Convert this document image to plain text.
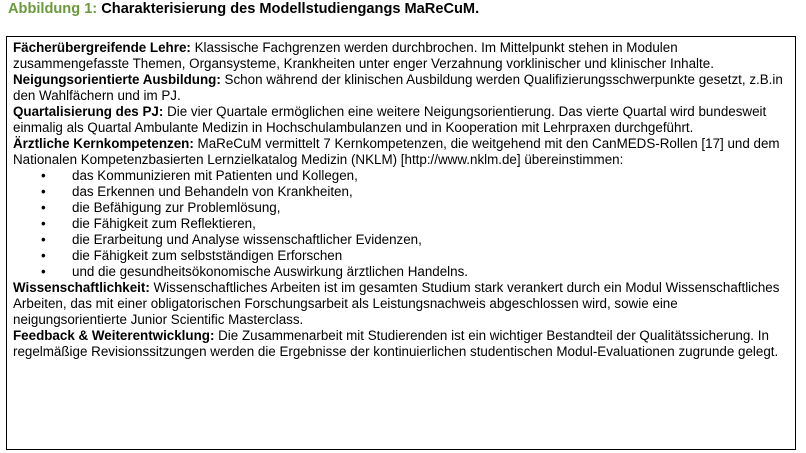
Abbildung 1: Charakterisierung des Modellstudiengangs MaReCuM.

Fächerübergreifende Lehre: Klassische Fachgrenzen werden durchbrochen. Im Mittelpunkt stehen in Modulen zusammengefasste Themen, Organsysteme, Krankheiten unter enger Verzahnung vorklinischer und klinischer Inhalte.

Neigungsorientierte Ausbildung: Schon während der klinischen Ausbildung werden Qualifizierungsschwerpunkte gesetzt, z.B.in den Wahlfächern und im PJ.

Quartalisierung des PJ: Die vier Quartale ermöglichen eine weitere Neigungsorientierung. Das vierte Quartal wird bundesweit einmalig als Quartal Ambulante Medizin in Hochschulambulanzen und in Kooperation mit Lehrpraxen durchgeführt.

Ärztliche Kernkompetenzen: MaReCuM vermittelt 7 Kernkompetenzen, die weitgehend mit den CanMEDS-Rollen [17] und dem Nationalen Kompetenzbasierten Lernzielkatalog Medizin (NKLM) [http://www.nklm.de] übereinstimmen:

• das Kommunizieren mit Patienten und Kollegen,
• das Erkennen und Behandeln von Krankheiten,
• die Befähigung zur Problemlösung,
• die Fähigkeit zum Reflektieren,
• die Erarbeitung und Analyse wissenschaftlicher Evidenzen,
• die Fähigkeit zum selbstständigen Erforschen
• und die gesundheitsökonomische Auswirkung ärztlichen Handelns.

Wissenschaftlichkeit: Wissenschaftliches Arbeiten ist im gesamten Studium stark verankert durch ein Modul Wissenschaftliches Arbeiten, das mit einer obligatorischen Forschungsarbeit als Leistungsnachweis abgeschlossen wird, sowie eine neigungsorientierte Junior Scientific Masterclass.

Feedback & Weiterentwicklung: Die Zusammenarbeit mit Studierenden ist ein wichtiger Bestandteil der Qualitätssicherung. In regelmäßige Revisionssitzungen werden die Ergebnisse der kontinuierlichen studentischen Modul-Evaluationen zugrunde gelegt.
